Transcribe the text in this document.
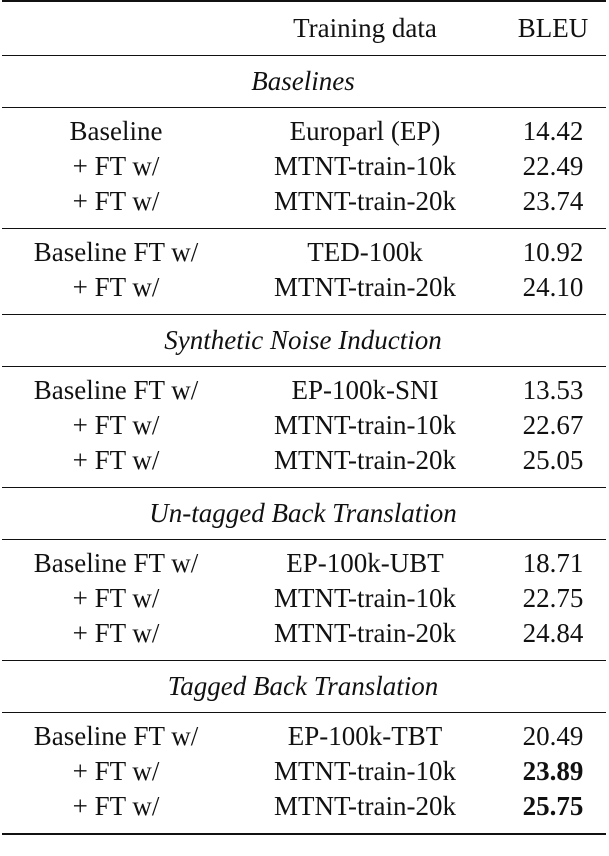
Training data	BLEU
Baselines
Baseline	Europarl (EP)	14.42
+ FT w/	MTNT-train-10k	22.49
+ FT w/	MTNT-train-20k	23.74
Baseline FT w/	TED-100k	10.92
+ FT w/	MTNT-train-20k	24.10
Synthetic Noise Induction
Baseline FT w/	EP-100k-SNI	13.53
+ FT w/	MTNT-train-10k	22.67
+ FT w/	MTNT-train-20k	25.05
Un-tagged Back Translation
Baseline FT w/	EP-100k-UBT	18.71
+ FT w/	MTNT-train-10k	22.75
+ FT w/	MTNT-train-20k	24.84
Tagged Back Translation
Baseline FT w/	EP-100k-TBT	20.49
+ FT w/	MTNT-train-10k	23.89
+ FT w/	MTNT-train-20k	25.75
